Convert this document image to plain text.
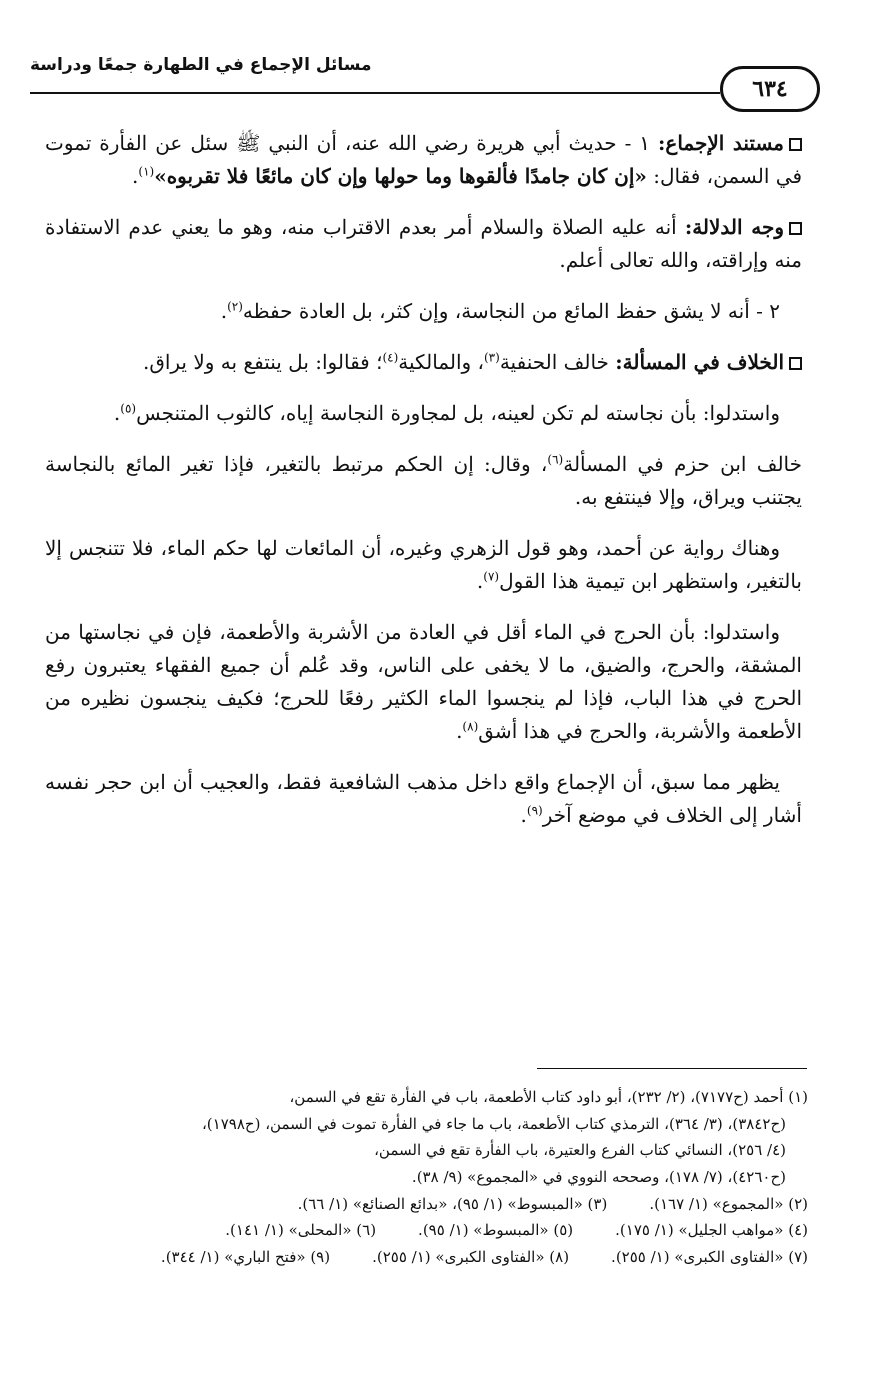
مسائل الإجماع في الطهارة جمعًا ودراسة
٦٣٤

مستند الإجماع: ١ - حديث أبي هريرة رضي الله عنه، أن النبي ﷺ سئل عن الفأرة تموت في السمن، فقال: «إن كان جامدًا فألقوها وما حولها وإن كان مائعًا فلا تقربوه»$^{(١)}$.

وجه الدلالة: أنه عليه الصلاة والسلام أمر بعدم الاقتراب منه، وهو ما يعني عدم الاستفادة منه وإراقته، والله تعالى أعلم.

٢ - أنه لا يشق حفظ المائع من النجاسة، وإن كثر، بل العادة حفظه$^{(٢)}$.

الخلاف في المسألة: خالف الحنفية$^{(٣)}$، والمالكية$^{(٤)}$؛ فقالوا: بل ينتفع به ولا يراق.

واستدلوا: بأن نجاسته لم تكن لعينه، بل لمجاورة النجاسة إياه، كالثوب المتنجس$^{(٥)}$.

خالف ابن حزم في المسألة$^{(٦)}$، وقال: إن الحكم مرتبط بالتغير، فإذا تغير المائع بالنجاسة يجتنب ويراق، وإلا فينتفع به.

وهناك رواية عن أحمد، وهو قول الزهري وغيره، أن المائعات لها حكم الماء، فلا تتنجس إلا بالتغير، واستظهر ابن تيمية هذا القول$^{(٧)}$.

واستدلوا: بأن الحرج في الماء أقل في العادة من الأشربة والأطعمة، فإن في نجاستها من المشقة، والحرج، والضيق، ما لا يخفى على الناس، وقد عُلم أن جميع الفقهاء يعتبرون رفع الحرج في هذا الباب، فإذا لم ينجسوا الماء الكثير رفعًا للحرج؛ فكيف ينجسون نظيره من الأطعمة والأشربة، والحرج في هذا أشق$^{(٨)}$.

يظهر مما سبق، أن الإجماع واقع داخل مذهب الشافعية فقط، والعجيب أن ابن حجر نفسه أشار إلى الخلاف في موضع آخر$^{(٩)}$.

(١) أحمد (ح٧١٧٧)، (٢/ ٢٣٢)، أبو داود كتاب الأطعمة، باب في الفأرة تقع في السمن،

(ح٣٨٤٢)، (٣/ ٣٦٤)، الترمذي كتاب الأطعمة، باب ما جاء في الفأرة تموت في السمن، (ح١٧٩٨)،

(٤/ ٢٥٦)، النسائي كتاب الفرع والعتيرة، باب الفأرة تقع في السمن،

(ح٤٢٦٠)، (٧/ ١٧٨)، وصححه النووي في «المجموع» (٩/ ٣٨).

(٢) «المجموع» (١/ ١٦٧).
(٣) «المبسوط» (١/ ٩٥)، «بدائع الصنائع» (١/ ٦٦).
(٤) «مواهب الجليل» (١/ ١٧٥).
(٥) «المبسوط» (١/ ٩٥).
(٦) «المحلى» (١/ ١٤١).
(٧) «الفتاوى الكبرى» (١/ ٢٥٥).
(٨) «الفتاوى الكبرى» (١/ ٢٥٥).
(٩) «فتح الباري» (١/ ٣٤٤).
